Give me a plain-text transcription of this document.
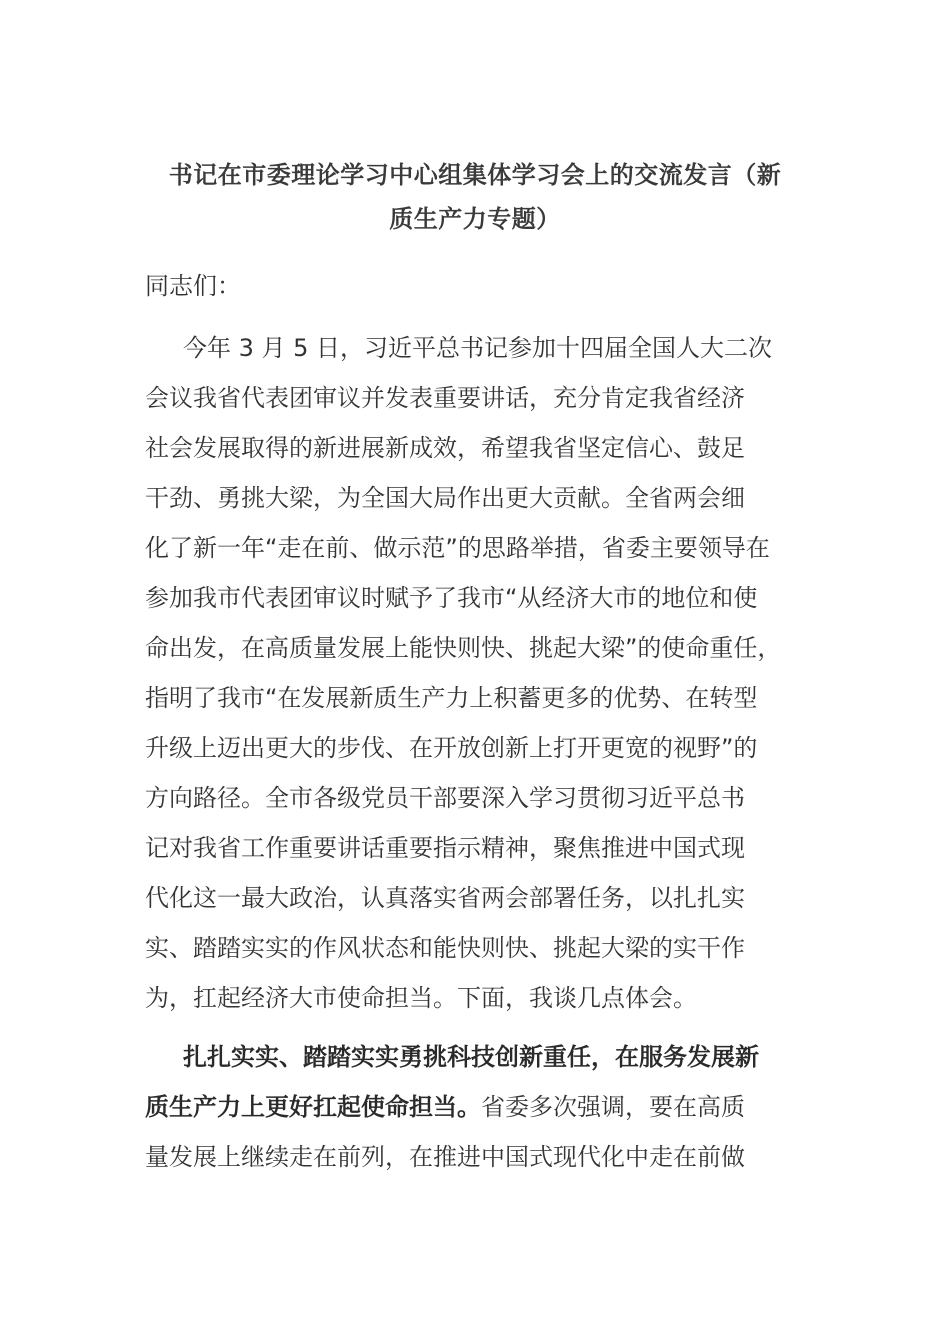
书记在市委理论学习中心组集体学习会上的交流发言（新
质生产力专题）
同志们：
今年 3 月 5 日，习近平总书记参加十四届全国人大二次
会议我省代表团审议并发表重要讲话，充分肯定我省经济
社会发展取得的新进展新成效，希望我省坚定信心、鼓足
干劲、勇挑大梁，为全国大局作出更大贡献。全省两会细
化了新一年“走在前、做示范”的思路举措，省委主要领导在
参加我市代表团审议时赋予了我市“从经济大市的地位和使
命出发，在高质量发展上能快则快、挑起大梁”的使命重任，
指明了我市“在发展新质生产力上积蓄更多的优势、在转型
升级上迈出更大的步伐、在开放创新上打开更宽的视野”的
方向路径。全市各级党员干部要深入学习贯彻习近平总书
记对我省工作重要讲话重要指示精神，聚焦推进中国式现
代化这一最大政治，认真落实省两会部署任务，以扎扎实
实、踏踏实实的作风状态和能快则快、挑起大梁的实干作
为，扛起经济大市使命担当。下面，我谈几点体会。
扎扎实实、踏踏实实勇挑科技创新重任，在服务发展新
质生产力上更好扛起使命担当。省委多次强调，要在高质
量发展上继续走在前列，在推进中国式现代化中走在前做
